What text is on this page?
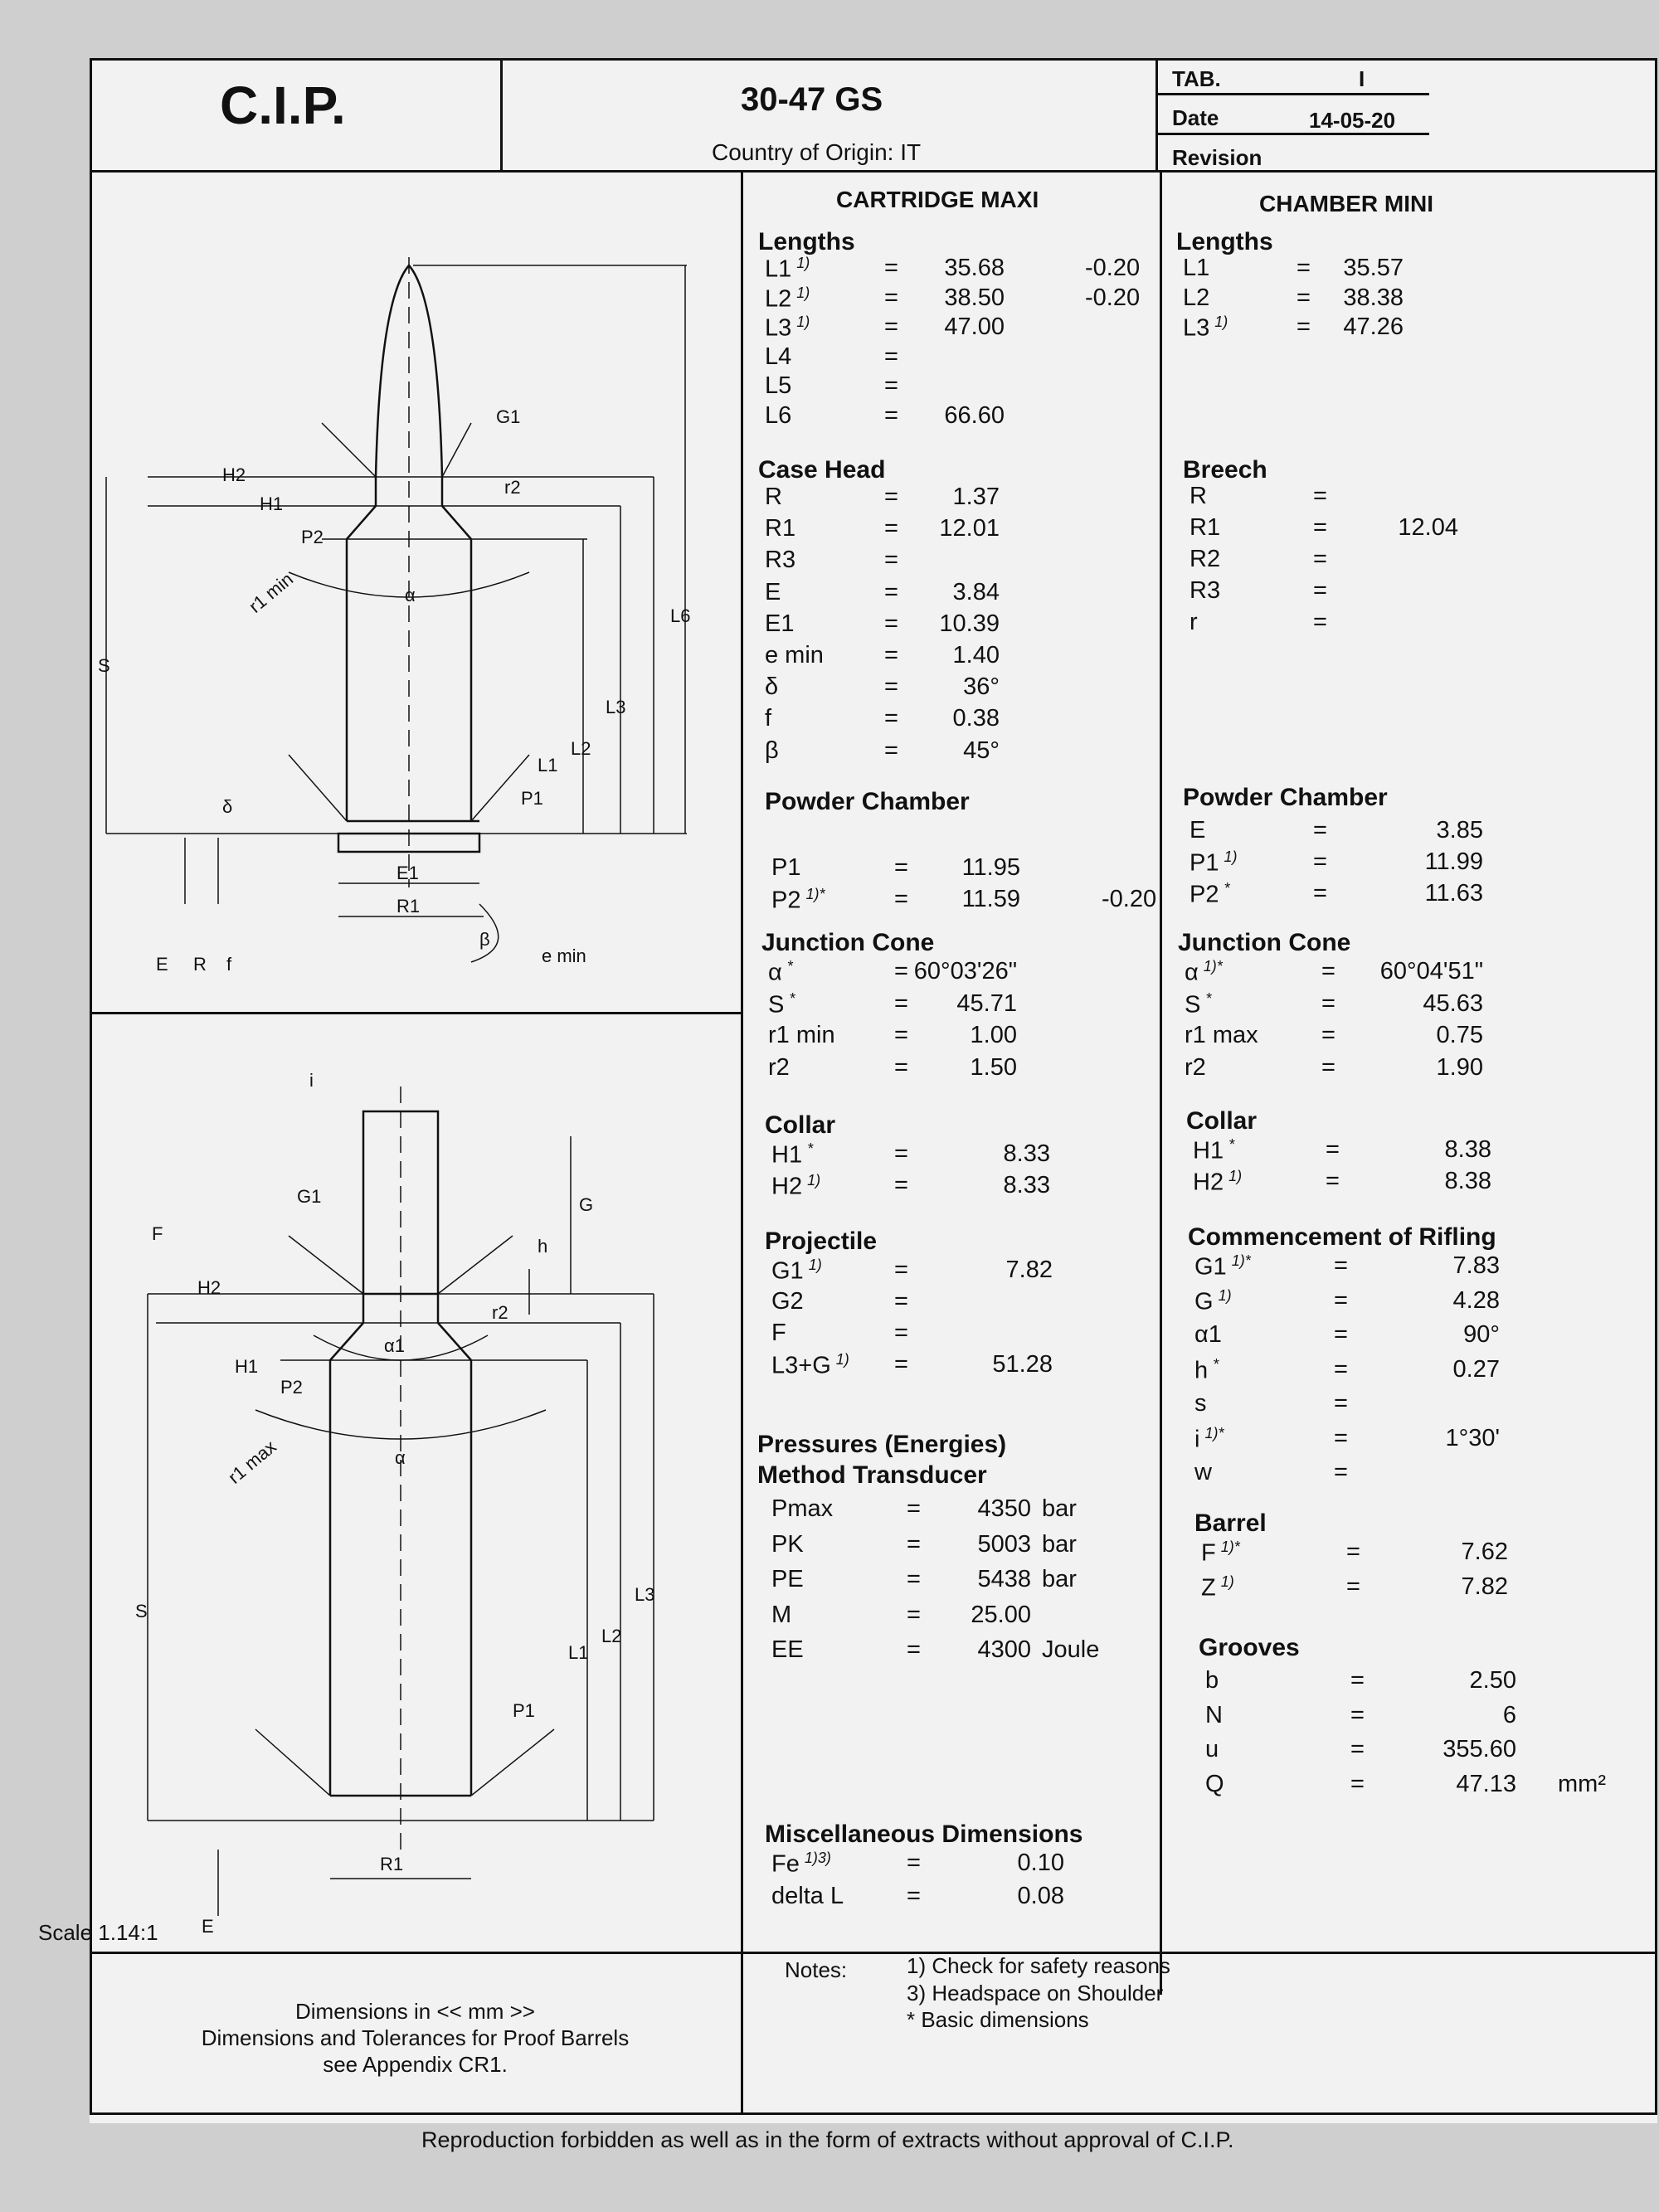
C.I.P.	30-47 GS
Country of Origin: IT
TAB.	I
Date	14-05-20
Revision
CARTRIDGE MAXI	CHAMBER MINI
Lengths
L1 $^{1)}$	=	35.68	-0.20
L2 $^{1)}$	=	38.50	-0.20
L3 $^{1)}$	=	47.00
L4	=
L5	=
L6	=	66.60
Case Head
R	=	1.37
R1	=	12.01
R3	=
E	=	3.84
E1	=	10.39
e min	=	1.40
δ	=	36°
f	=	0.38
β	=	45°
Powder Chamber
P1	=	11.95
P2 $^{1)*}$	=	11.59	-0.20
Junction Cone
α *	= 60°03'26"
S *	=	45.71
r1 min =	1.00
r2	=	1.50
Collar
H1 *	=	8.33
H2 $^{1)}$	=	8.33
Projectile
G1 $^{1)}$	=	7.82
G2	=
F	=
L3+G $^{1)}$ =	51.28
Miscellaneous Dimensions
Fe $^{1)3)}$	=	0.10
delta L	=	0.08
Lengths
L1	=	35.57
L2	=	38.38
L3 $^{1)}$	=	47.26
Breech
R	=
R1	=	12.04
R2	=
R3	=
r	=
Powder Chamber
E	=	3.85
P1 $^{1)}$	=	11.99
P2 *	=	11.63
Junction Cone
α $^{1)*}$	=	60°04'51"
S *	=	45.63
r1 max	=	0.75
r2	=	1.90
Collar
H1 *	=	8.38
H2 $^{1)}$	=	8.38
Commencement of Rifling
G1 $^{1)*}$	=	7.83
G $^{1)}$	=	4.28
α1	=	90°
h *	=	0.27
s	=
i $^{1)*}$	=	1°30'
w	=
Barrel
F $^{1)*}$	=	7.62
Z $^{1)}$	=	7.82
Grooves
b	=	2.50
N	=	6
u	=	355.60
Q	=	47.13 mm²
Pressures (Energies)
Method Transducer
Pmax	=	4350 bar
PK	=	5003 bar
PE	=	5438 bar
M	=	25.00
EE	=	4300 Joule
H2
H1
P2
G1
r2
r1 min	α
S
L6
L3
L2
L1
δ	P1
E1
R1
β
e min
E R f
i
G
h
G1
F
H2
r2
α1
H1
P2
r1 max	α
S
L3
L2
L1
P1
R1
E
Scale 1.14:1
Dimensions in << mm >>
Dimensions and Tolerances for Proof Barrels
see Appendix CR1.
Notes:	1) Check for safety reasons
3) Headspace on Shoulder
* Basic dimensions
Reproduction forbidden as well as in the form of extracts without approval of C.I.P.
